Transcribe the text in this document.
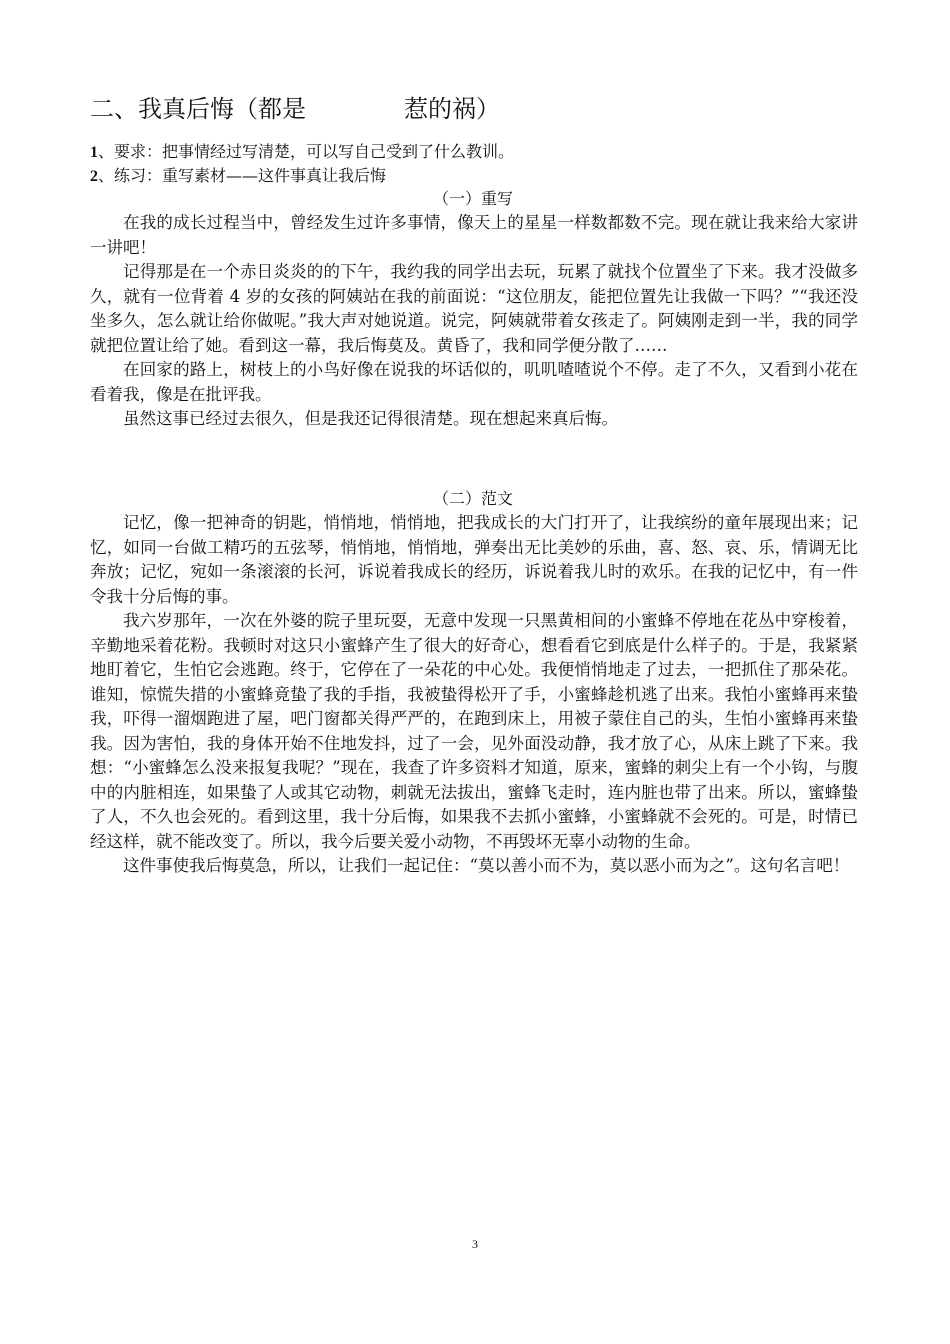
二、我真后悔（都是	惹的祸）
1、要求：把事情经过写清楚，可以写自己受到了什么教训。
2、练习：重写素材——这件事真让我后悔
（一）重写

在我的成长过程当中，曾经发生过许多事情，像天上的星星一样数都数不完。现在就让我来给大家讲一讲吧！

记得那是在一个赤日炎炎的的下午，我约我的同学出去玩，玩累了就找个位置坐了下来。我才没做多久，就有一位背着 4 岁的女孩的阿姨站在我的前面说：“这位朋友，能把位置先让我做一下吗？”“我还没坐多久，怎么就让给你做呢。”我大声对她说道。说完，阿姨就带着女孩走了。阿姨刚走到一半，我的同学就把位置让给了她。看到这一幕，我后悔莫及。黄昏了，我和同学便分散了……

在回家的路上，树枝上的小鸟好像在说我的坏话似的，叽叽喳喳说个不停。走了不久，又看到小花在看着我，像是在批评我。

虽然这事已经过去很久，但是我还记得很清楚。现在想起来真后悔。

（二）范文

记忆，像一把神奇的钥匙，悄悄地，悄悄地，把我成长的大门打开了，让我缤纷的童年展现出来；记忆，如同一台做工精巧的五弦琴，悄悄地，悄悄地，弹奏出无比美妙的乐曲，喜、怒、哀、乐，情调无比奔放；记忆，宛如一条滚滚的长河，诉说着我成长的经历，诉说着我儿时的欢乐。在我的记忆中，有一件令我十分后悔的事。

我六岁那年，一次在外婆的院子里玩耍，无意中发现一只黑黄相间的小蜜蜂不停地在花丛中穿梭着，辛勤地采着花粉。我顿时对这只小蜜蜂产生了很大的好奇心，想看看它到底是什么样子的。于是，我紧紧地盯着它，生怕它会逃跑。终于，它停在了一朵花的中心处。我便悄悄地走了过去，一把抓住了那朵花。谁知，惊慌失措的小蜜蜂竟蛰了我的手指，我被蛰得松开了手，小蜜蜂趁机逃了出来。我怕小蜜蜂再来蛰我，吓得一溜烟跑进了屋，吧门窗都关得严严的，在跑到床上，用被子蒙住自己的头，生怕小蜜蜂再来蛰我。因为害怕，我的身体开始不住地发抖，过了一会，见外面没动静，我才放了心，从床上跳了下来。我想：“小蜜蜂怎么没来报复我呢？”现在，我查了许多资料才知道，原来，蜜蜂的刺尖上有一个小钩，与腹中的内脏相连，如果蛰了人或其它动物，刺就无法拔出，蜜蜂飞走时，连内脏也带了出来。所以，蜜蜂蛰了人，不久也会死的。看到这里，我十分后悔，如果我不去抓小蜜蜂，小蜜蜂就不会死的。可是，时情已经这样，就不能改变了。所以，我今后要关爱小动物，不再毁坏无辜小动物的生命。

这件事使我后悔莫急，所以，让我们一起记住：“莫以善小而不为，莫以恶小而为之”。这句名言吧！

3
